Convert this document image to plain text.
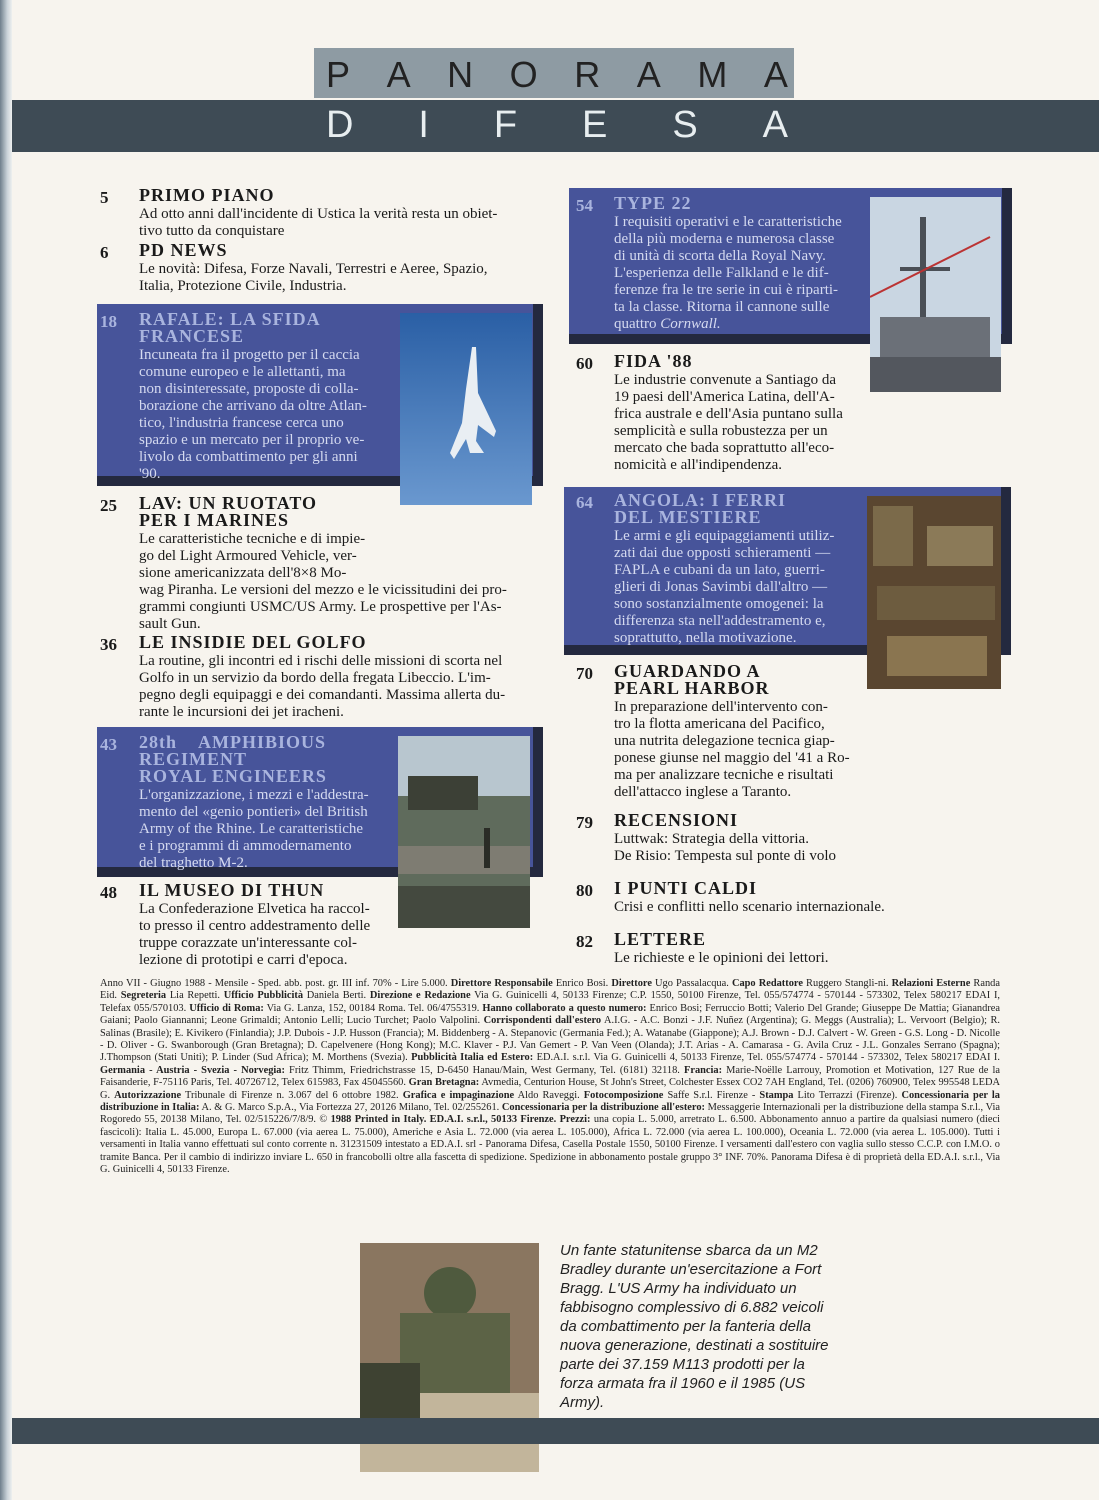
P A N O R A M A
D I F E S A
5 PRIMO PIANO
Ad otto anni dall'incidente di Ustica la verità resta un obiet-
tivo tutto da conquistare
6 PD NEWS
Le novità: Difesa, Forze Navali, Terrestri e Aeree, Spazio,
Italia, Protezione Civile, Industria.
18 RAFALE: LA SFIDA
FRANCESE
Incuneata fra il progetto per il caccia
comune europeo e le allettanti, ma
non disinteressate, proposte di colla-
borazione che arrivano da oltre Atlan-
tico, l'industria francese cerca uno
spazio e un mercato per il proprio ve-
livolo da combattimento per gli anni
'90.
25 LAV: UN RUOTATO
PER I MARINES
Le caratteristiche tecniche e di impie-
go del Light Armoured Vehicle, ver-
sione americanizzata dell'8×8 Mo-
wag Piranha. Le versioni del mezzo e le vicissitudini dei pro-
grammi congiunti USMC/US Army. Le prospettive per l'As-
sault Gun.
36 LE INSIDIE DEL GOLFO
La routine, gli incontri ed i rischi delle missioni di scorta nel
Golfo in un servizio da bordo della fregata Libeccio. L'im-
pegno degli equipaggi e dei comandanti. Massima allerta du-
rante le incursioni dei jet iracheni.
43 28th    AMPHIBIOUS
REGIMENT
ROYAL ENGINEERS
L'organizzazione, i mezzi e l'addestra-
mento del «genio pontieri» del British
Army of the Rhine. Le caratteristiche
e i programmi di ammodernamento
del traghetto M-2.
48 IL MUSEO DI THUN
La Confederazione Elvetica ha raccol-
to presso il centro addestramento delle
truppe corazzate un'interessante col-
lezione di prototipi e carri d'epoca.
54 TYPE 22
I requisiti operativi e le caratteristiche
della più moderna e numerosa classe
di unità di scorta della Royal Navy.
L'esperienza delle Falkland e le dif-
ferenze fra le tre serie in cui è riparti-
ta la classe. Ritorna il cannone sulle
quattro Cornwall.
60 FIDA '88
Le industrie convenute a Santiago da
19 paesi dell'America Latina, dell'A-
frica australe e dell'Asia puntano sulla
semplicità e sulla robustezza per un
mercato che bada soprattutto all'eco-
nomicità e all'indipendenza.
64 ANGOLA: I FERRI
DEL MESTIERE
Le armi e gli equipaggiamenti utiliz-
zati dai due opposti schieramenti —
FAPLA e cubani da un lato, guerri-
glieri di Jonas Savimbi dall'altro —
sono sostanzialmente omogenei: la
differenza sta nell'addestramento e,
soprattutto, nella motivazione.
70 GUARDANDO A
PEARL HARBOR
In preparazione dell'intervento con-
tro la flotta americana del Pacifico,
una nutrita delegazione tecnica giap-
ponese giunse nel maggio del '41 a Ro-
ma per analizzare tecniche e risultati
dell'attacco inglese a Taranto.
79 RECENSIONI
Luttwak: Strategia della vittoria.
De Risio: Tempesta sul ponte di volo
80 I PUNTI CALDI
Crisi e conflitti nello scenario internazionale.
82 LETTERE
Le richieste e le opinioni dei lettori.
Anno VII - Giugno 1988 - Mensile - Sped. abb. post. gr. III inf. 70% - Lire 5.000. Direttore Responsabile Enrico Bosi. Direttore Ugo Passalacqua. Capo Redattore Ruggero Stangli-ni. Relazioni Esterne Randa Eid. Segreteria Lia Repetti. Ufficio Pubblicità Daniela Berti. Direzione e Redazione Via G. Guinicelli 4, 50133 Firenze; C.P. 1550, 50100 Firenze, Tel. 055/574774 - 570144 - 573302, Telex 580217 EDAI I, Telefax 055/570103. Ufficio di Roma: Via G. Lanza, 152, 00184 Roma. Tel. 06/4755319. Hanno collaborato a questo numero: Enrico Bosi; Ferruccio Botti; Valerio Del Grande; Giuseppe De Mattia; Gianandrea Gaiani; Paolo Giannanni; Leone Grimaldi; Antonio Lelli; Lucio Turchet; Paolo Valpolini. Corrispondenti dall'estero A.I.G. - A.C. Bonzi - J.F. Nuñez (Argentina); G. Meggs (Australia); L. Vervoort (Belgio); R. Salinas (Brasile); E. Kivikero (Finlandia); J.P. Dubois - J.P. Husson (Francia); M. Biddenberg - A. Stepanovic (Germania Fed.); A. Watanabe (Giappone); A.J. Brown - D.J. Calvert - W. Green - G.S. Long - D. Nicolle - D. Oliver - G. Swanborough (Gran Bretagna); D. Capelvenere (Hong Kong); M.C. Klaver - P.J. Van Gemert - P. Van Veen (Olanda); J.T. Arias - A. Camarasa - G. Avila Cruz - J.L. Gonzales Serrano (Spagna); J.Thompson (Stati Uniti); P. Linder (Sud Africa); M. Morthens (Svezia). Pubblicità Italia ed Estero: ED.A.I. s.r.l. Via G. Guinicelli 4, 50133 Firenze, Tel. 055/574774 - 570144 - 573302, Telex 580217 EDAI I. Germania - Austria - Svezia - Norvegia: Fritz Thimm, Friedrichstrasse 15, D-6450 Hanau/Main, West Germany, Tel. (6181) 32118. Francia: Marie-Noëlle Larrouy, Promotion et Motivation, 127 Rue de la Faisanderie, F-75116 Paris, Tel. 40726712, Telex 615983, Fax 45045560. Gran Bretagna: Avmedia, Centurion House, St John's Street, Colchester Essex CO2 7AH England, Tel. (0206) 760900, Telex 995548 LEDA G. Autorizzazione Tribunale di Firenze n. 3.067 del 6 ottobre 1982. Grafica e impaginazione Aldo Raveggi. Fotocomposizione Saffe S.r.l. Firenze - Stampa Lito Terrazzi (Firenze). Concessionaria per la distribuzione in Italia: A. & G. Marco S.p.A., Via Fortezza 27, 20126 Milano, Tel. 02/255261. Concessionaria per la distribuzione all'estero: Messaggerie Internazionali per la distribuzione della stampa S.r.l., Via Rogoredo 55, 20138 Milano, Tel. 02/515226/7/8/9. © 1988 Printed in Italy. ED.A.I. s.r.l., 50133 Firenze. Prezzi: una copia L. 5.000, arretrato L. 6.500. Abbonamento annuo a partire da qualsiasi numero (dieci fascicoli): Italia L. 45.000, Europa L. 67.000 (via aerea L. 75.000), Americhe e Asia L. 72.000 (via aerea L. 105.000), Africa L. 72.000 (via aerea L. 100.000), Oceania L. 72.000 (via aerea L. 105.000). Tutti i versamenti in Italia vanno effettuati sul conto corrente n. 31231509 intestato a ED.A.I. srl - Panorama Difesa, Casella Postale 1550, 50100 Firenze. I versamenti dall'estero con vaglia sullo stesso C.C.P. con I.M.O. o tramite Banca. Per il cambio di indirizzo inviare L. 650 in francobolli oltre alla fascetta di spedizione. Spedizione in abbonamento postale gruppo 3° INF. 70%. Panorama Difesa è di proprietà della ED.A.I. s.r.l., Via G. Guinicelli 4, 50133 Firenze.
Un fante statunitense sbarca da un M2 Bradley durante un'esercitazione a Fort Bragg. L'US Army ha individuato un fabbisogno complessivo di 6.882 veicoli da combattimento per la fanteria della nuova generazione, destinati a sostituire parte dei 37.159 M113 prodotti per la forza armata fra il 1960 e il 1985 (US Army).
